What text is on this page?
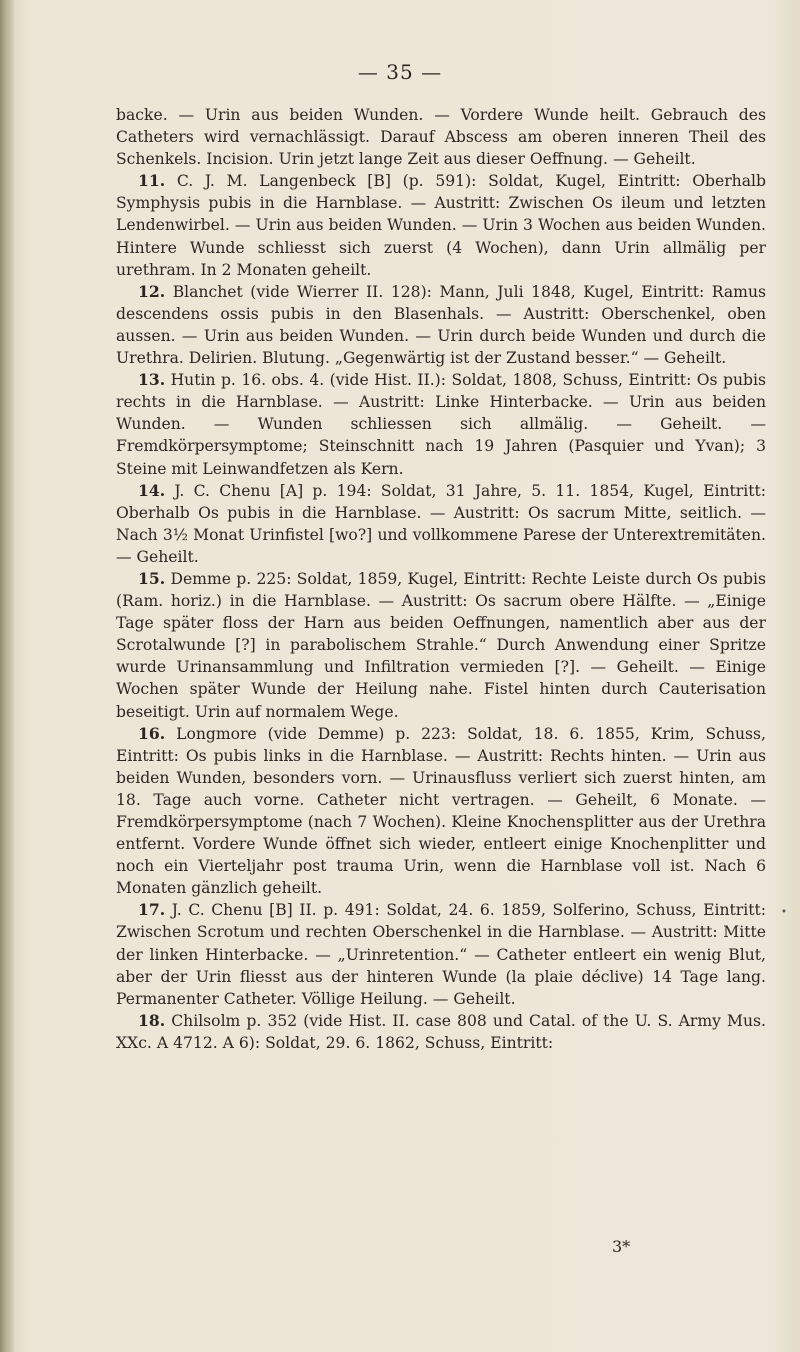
— 35 —

backe. — Urin aus beiden Wunden. — Vordere Wunde heilt. Gebrauch des Catheters wird vernachlässigt. Darauf Abscess am oberen inneren Theil des Schenkels. Incision. Urin jetzt lange Zeit aus dieser Oeffnung. — Geheilt.

11. C. J. M. Langenbeck [B] (p. 591): Soldat, Kugel, Eintritt: Oberhalb Symphysis pubis in die Harnblase. — Austritt: Zwischen Os ileum und letzten Lendenwirbel. — Urin aus beiden Wunden. — Urin 3 Wochen aus beiden Wunden. Hintere Wunde schliesst sich zuerst (4 Wochen), dann Urin allmälig per urethram. In 2 Monaten geheilt.

12. Blanchet (vide Wierrer II. 128): Mann, Juli 1848, Kugel, Eintritt: Ramus descendens ossis pubis in den Blasenhals. — Austritt: Oberschenkel, oben aussen. — Urin aus beiden Wunden. — Urin durch beide Wunden und durch die Urethra. Delirien. Blutung. „Gegenwärtig ist der Zustand besser.“ — Geheilt.

13. Hutin p. 16. obs. 4. (vide Hist. II.): Soldat, 1808, Schuss, Eintritt: Os pubis rechts in die Harnblase. — Austritt: Linke Hinterbacke. — Urin aus beiden Wunden. — Wunden schliessen sich allmälig. — Geheilt. — Fremdkörpersymptome; Steinschnitt nach 19 Jahren (Pasquier und Yvan); 3 Steine mit Leinwandfetzen als Kern.

14. J. C. Chenu [A] p. 194: Soldat, 31 Jahre, 5. 11. 1854, Kugel, Eintritt: Oberhalb Os pubis in die Harnblase. — Austritt: Os sacrum Mitte, seitlich. — Nach 3½ Monat Urinfistel [wo?] und vollkommene Parese der Unterextremitäten. — Geheilt.

15. Demme p. 225: Soldat, 1859, Kugel, Eintritt: Rechte Leiste durch Os pubis (Ram. horiz.) in die Harnblase. — Austritt: Os sacrum obere Hälfte. — „Einige Tage später floss der Harn aus beiden Oeffnungen, namentlich aber aus der Scrotalwunde [?] in parabolischem Strahle.“ Durch Anwendung einer Spritze wurde Urinansammlung und Infiltration vermieden [?]. — Geheilt. — Einige Wochen später Wunde der Heilung nahe. Fistel hinten durch Cauterisation beseitigt. Urin auf normalem Wege.

16. Longmore (vide Demme) p. 223: Soldat, 18. 6. 1855, Krim, Schuss, Eintritt: Os pubis links in die Harnblase. — Austritt: Rechts hinten. — Urin aus beiden Wunden, besonders vorn. — Urinausfluss verliert sich zuerst hinten, am 18. Tage auch vorne. Catheter nicht vertragen. — Geheilt, 6 Monate. — Fremdkörpersymptome (nach 7 Wochen). Kleine Knochensplitter aus der Urethra entfernt. Vordere Wunde öffnet sich wieder, entleert einige Knochenplitter und noch ein Vierteljahr post trauma Urin, wenn die Harnblase voll ist. Nach 6 Monaten gänzlich geheilt.

17. J. C. Chenu [B] II. p. 491: Soldat, 24. 6. 1859, Solferino, Schuss, Eintritt: Zwischen Scrotum und rechten Oberschenkel in die Harnblase. — Austritt: Mitte der linken Hinterbacke. — „Urinretention.“ — Catheter entleert ein wenig Blut, aber der Urin fliesst aus der hinteren Wunde (la plaie déclive) 14 Tage lang. Permanenter Catheter. Völlige Heilung. — Geheilt.

18. Chilsolm p. 352 (vide Hist. II. case 808 und Catal. of the U. S. Army Mus. XXc. A 4712. A 6): Soldat, 29. 6. 1862, Schuss, Eintritt:

3*
•
